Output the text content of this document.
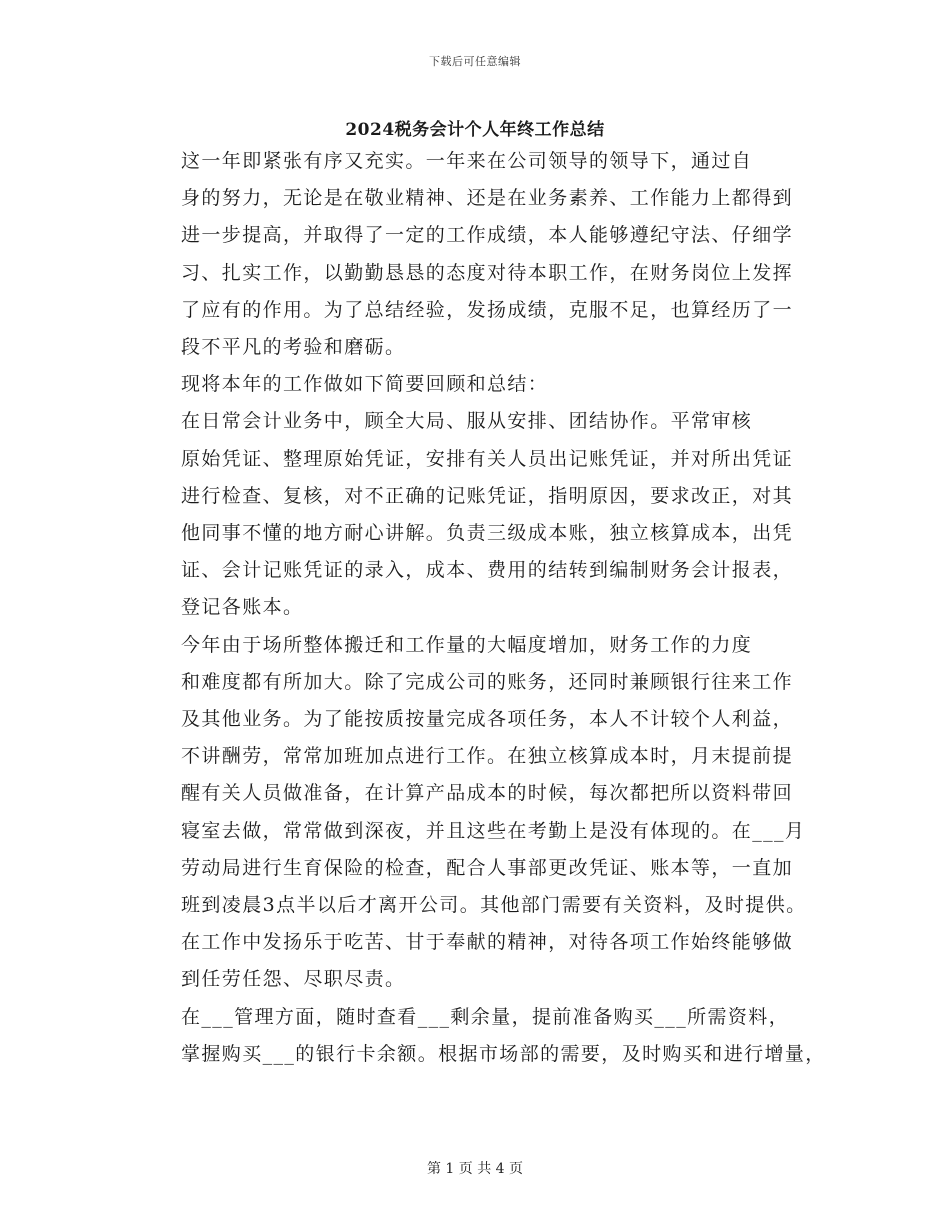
下载后可任意编辑
2024税务会计个人年终工作总结

这一年即紧张有序又充实。一年来在公司领导的领导下，通过自
身的努力，无论是在敬业精神、还是在业务素养、工作能力上都得到
进一步提高，并取得了一定的工作成绩，本人能够遵纪守法、仔细学
习、扎实工作，以勤勤恳恳的态度对待本职工作，在财务岗位上发挥
了应有的作用。为了总结经验，发扬成绩，克服不足，也算经历了一
段不平凡的考验和磨砺。

现将本年的工作做如下简要回顾和总结：

在日常会计业务中，顾全大局、服从安排、团结协作。平常审核
原始凭证、整理原始凭证，安排有关人员出记账凭证，并对所出凭证
进行检查、复核，对不正确的记账凭证，指明原因，要求改正，对其
他同事不懂的地方耐心讲解。负责三级成本账，独立核算成本，出凭
证、会计记账凭证的录入，成本、费用的结转到编制财务会计报表，
登记各账本。

今年由于场所整体搬迁和工作量的大幅度增加，财务工作的力度
和难度都有所加大。除了完成公司的账务，还同时兼顾银行往来工作
及其他业务。为了能按质按量完成各项任务，本人不计较个人利益，
不讲酬劳，常常加班加点进行工作。在独立核算成本时，月末提前提
醒有关人员做准备，在计算产品成本的时候，每次都把所以资料带回
寝室去做，常常做到深夜，并且这些在考勤上是没有体现的。在___月
劳动局进行生育保险的检查，配合人事部更改凭证、账本等，一直加
班到凌晨3点半以后才离开公司。其他部门需要有关资料，及时提供。
在工作中发扬乐于吃苦、甘于奉献的精神，对待各项工作始终能够做
到任劳任怨、尽职尽责。

在___管理方面，随时查看___剩余量，提前准备购买___所需资料，
掌握购买___的银行卡余额。根据市场部的需要，及时购买和进行增量，

第 1 页 共 4 页
